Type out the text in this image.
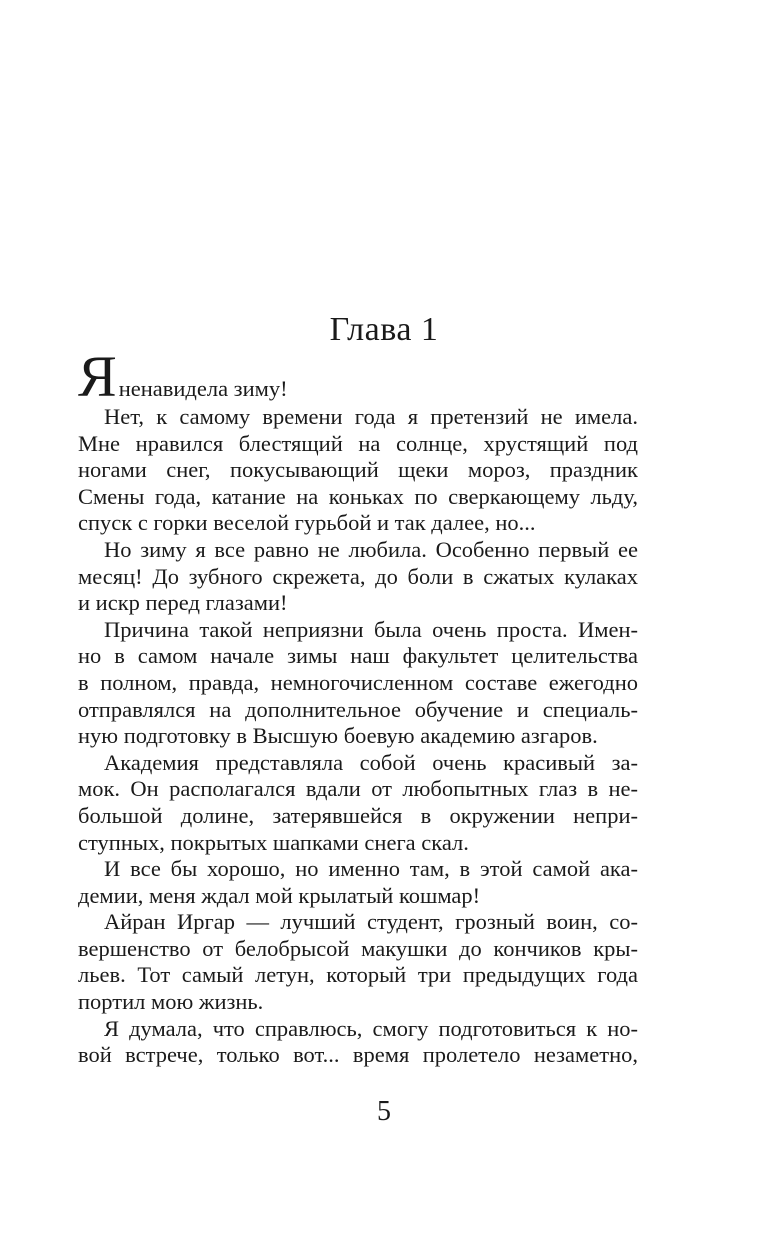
Глава 1
Яненавидела зиму!
Нет, к самому времени года я претензий не имела.
Мне нравился блестящий на солнце, хрустящий под
ногами снег, покусывающий щеки мороз, праздник
Смены года, катание на коньках по сверкающему льду,
спуск с горки веселой гурьбой и так далее, но...
Но зиму я все равно не любила. Особенно первый ее
месяц! До зубного скрежета, до боли в сжатых кулаках
и искр перед глазами!
Причина такой неприязни была очень проста. Имен-
но в самом начале зимы наш факультет целительства
в полном, правда, немногочисленном составе ежегодно
отправлялся на дополнительное обучение и специаль-
ную подготовку в Высшую боевую академию азгаров.
Академия представляла собой очень красивый за-
мок. Он располагался вдали от любопытных глаз в не-
большой долине, затерявшейся в окружении непри-
ступных, покрытых шапками снега скал.
И все бы хорошо, но именно там, в этой самой ака-
демии, меня ждал мой крылатый кошмар!
Айран Иргар — лучший студент, грозный воин, со-
вершенство от белобрысой макушки до кончиков кры-
льев. Тот самый летун, который три предыдущих года
портил мою жизнь.
Я думала, что справлюсь, смогу подготовиться к но-
вой встрече, только вот... время пролетело незаметно,
5
